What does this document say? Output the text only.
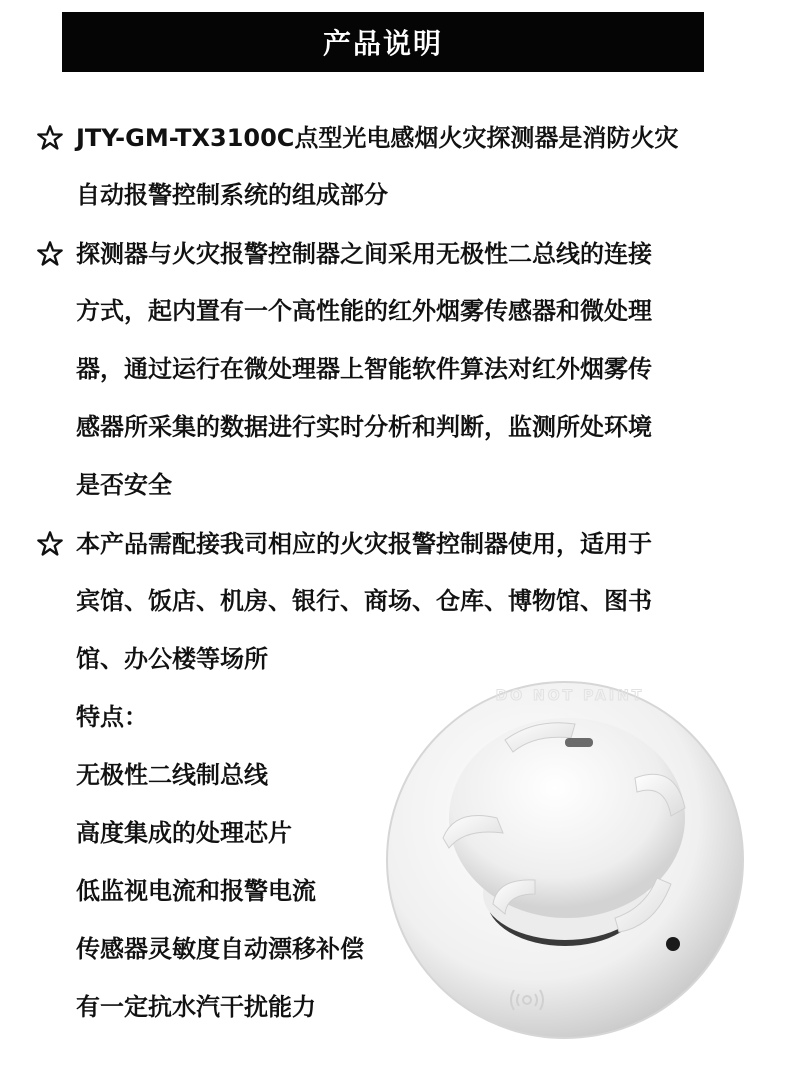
产品说明
JTY-GM-TX3100C点型光电感烟火灾探测器是消防火灾
自动报警控制系统的组成部分
探测器与火灾报警控制器之间采用无极性二总线的连接
方式，起内置有一个高性能的红外烟雾传感器和微处理
器，通过运行在微处理器上智能软件算法对红外烟雾传
感器所采集的数据进行实时分析和判断，监测所处环境
是否安全
本产品需配接我司相应的火灾报警控制器使用，适用于
宾馆、饭店、机房、银行、商场、仓库、博物馆、图书
馆、办公楼等场所
DO NOT PAINT
特点：
无极性二线制总线
高度集成的处理芯片
低监视电流和报警电流
传感器灵敏度自动漂移补偿
有一定抗水汽干扰能力
